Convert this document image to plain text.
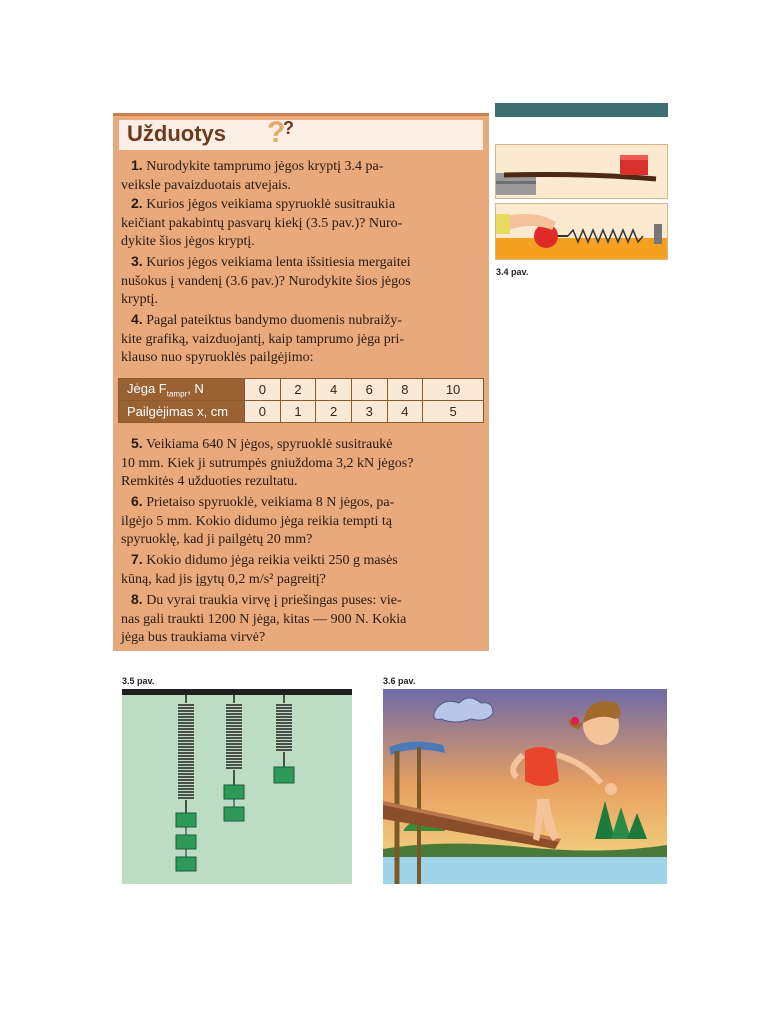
Užduotys ?
?
1. Nurodykite tamprumo jėgos kryptį 3.4 pa-
veiksle pavaizduotais atvejais.
2. Kurios jėgos veikiama spyruoklė susitraukia
keičiant pakabintų pasvarų kiekį (3.5 pav.)? Nuro-
dykite šios jėgos kryptį.
3. Kurios jėgos veikiama lenta išsitiesia mergaitei
nušokus į vandenį (3.6 pav.)? Nurodykite šios jėgos
kryptį.
4. Pagal pateiktus bandymo duomenis nubraižy-
kite grafiką, vaizduojantį, kaip tamprumo jėga pri-
klauso nuo spyruoklės pailgėjimo:
Jėga $F_{tampr}$, N	0	2	4	6	8	10
Pailgėjimas x, cm	0	1	2	3	4	5
5. Veikiama 640 N jėgos, spyruoklė susitraukė
10 mm. Kiek ji sutrumpės gniuždoma 3,2 kN jėgos?
Remkitės 4 užduoties rezultatu.
6. Prietaiso spyruoklė, veikiama 8 N jėgos, pa-
ilgėjo 5 mm. Kokio didumo jėga reikia tempti tą
spyruoklę, kad ji pailgėtų 20 mm?
7. Kokio didumo jėga reikia veikti 250 g masės
kūną, kad jis įgytų 0,2 m/s² pagreitį?
8. Du vyrai traukia virvę į priešingas puses: vie-
nas gali traukti 1200 N jėga, kitas — 900 N. Kokia
jėga bus traukiama virvė?
3.4 pav.
3.5 pav.	3.6 pav.
